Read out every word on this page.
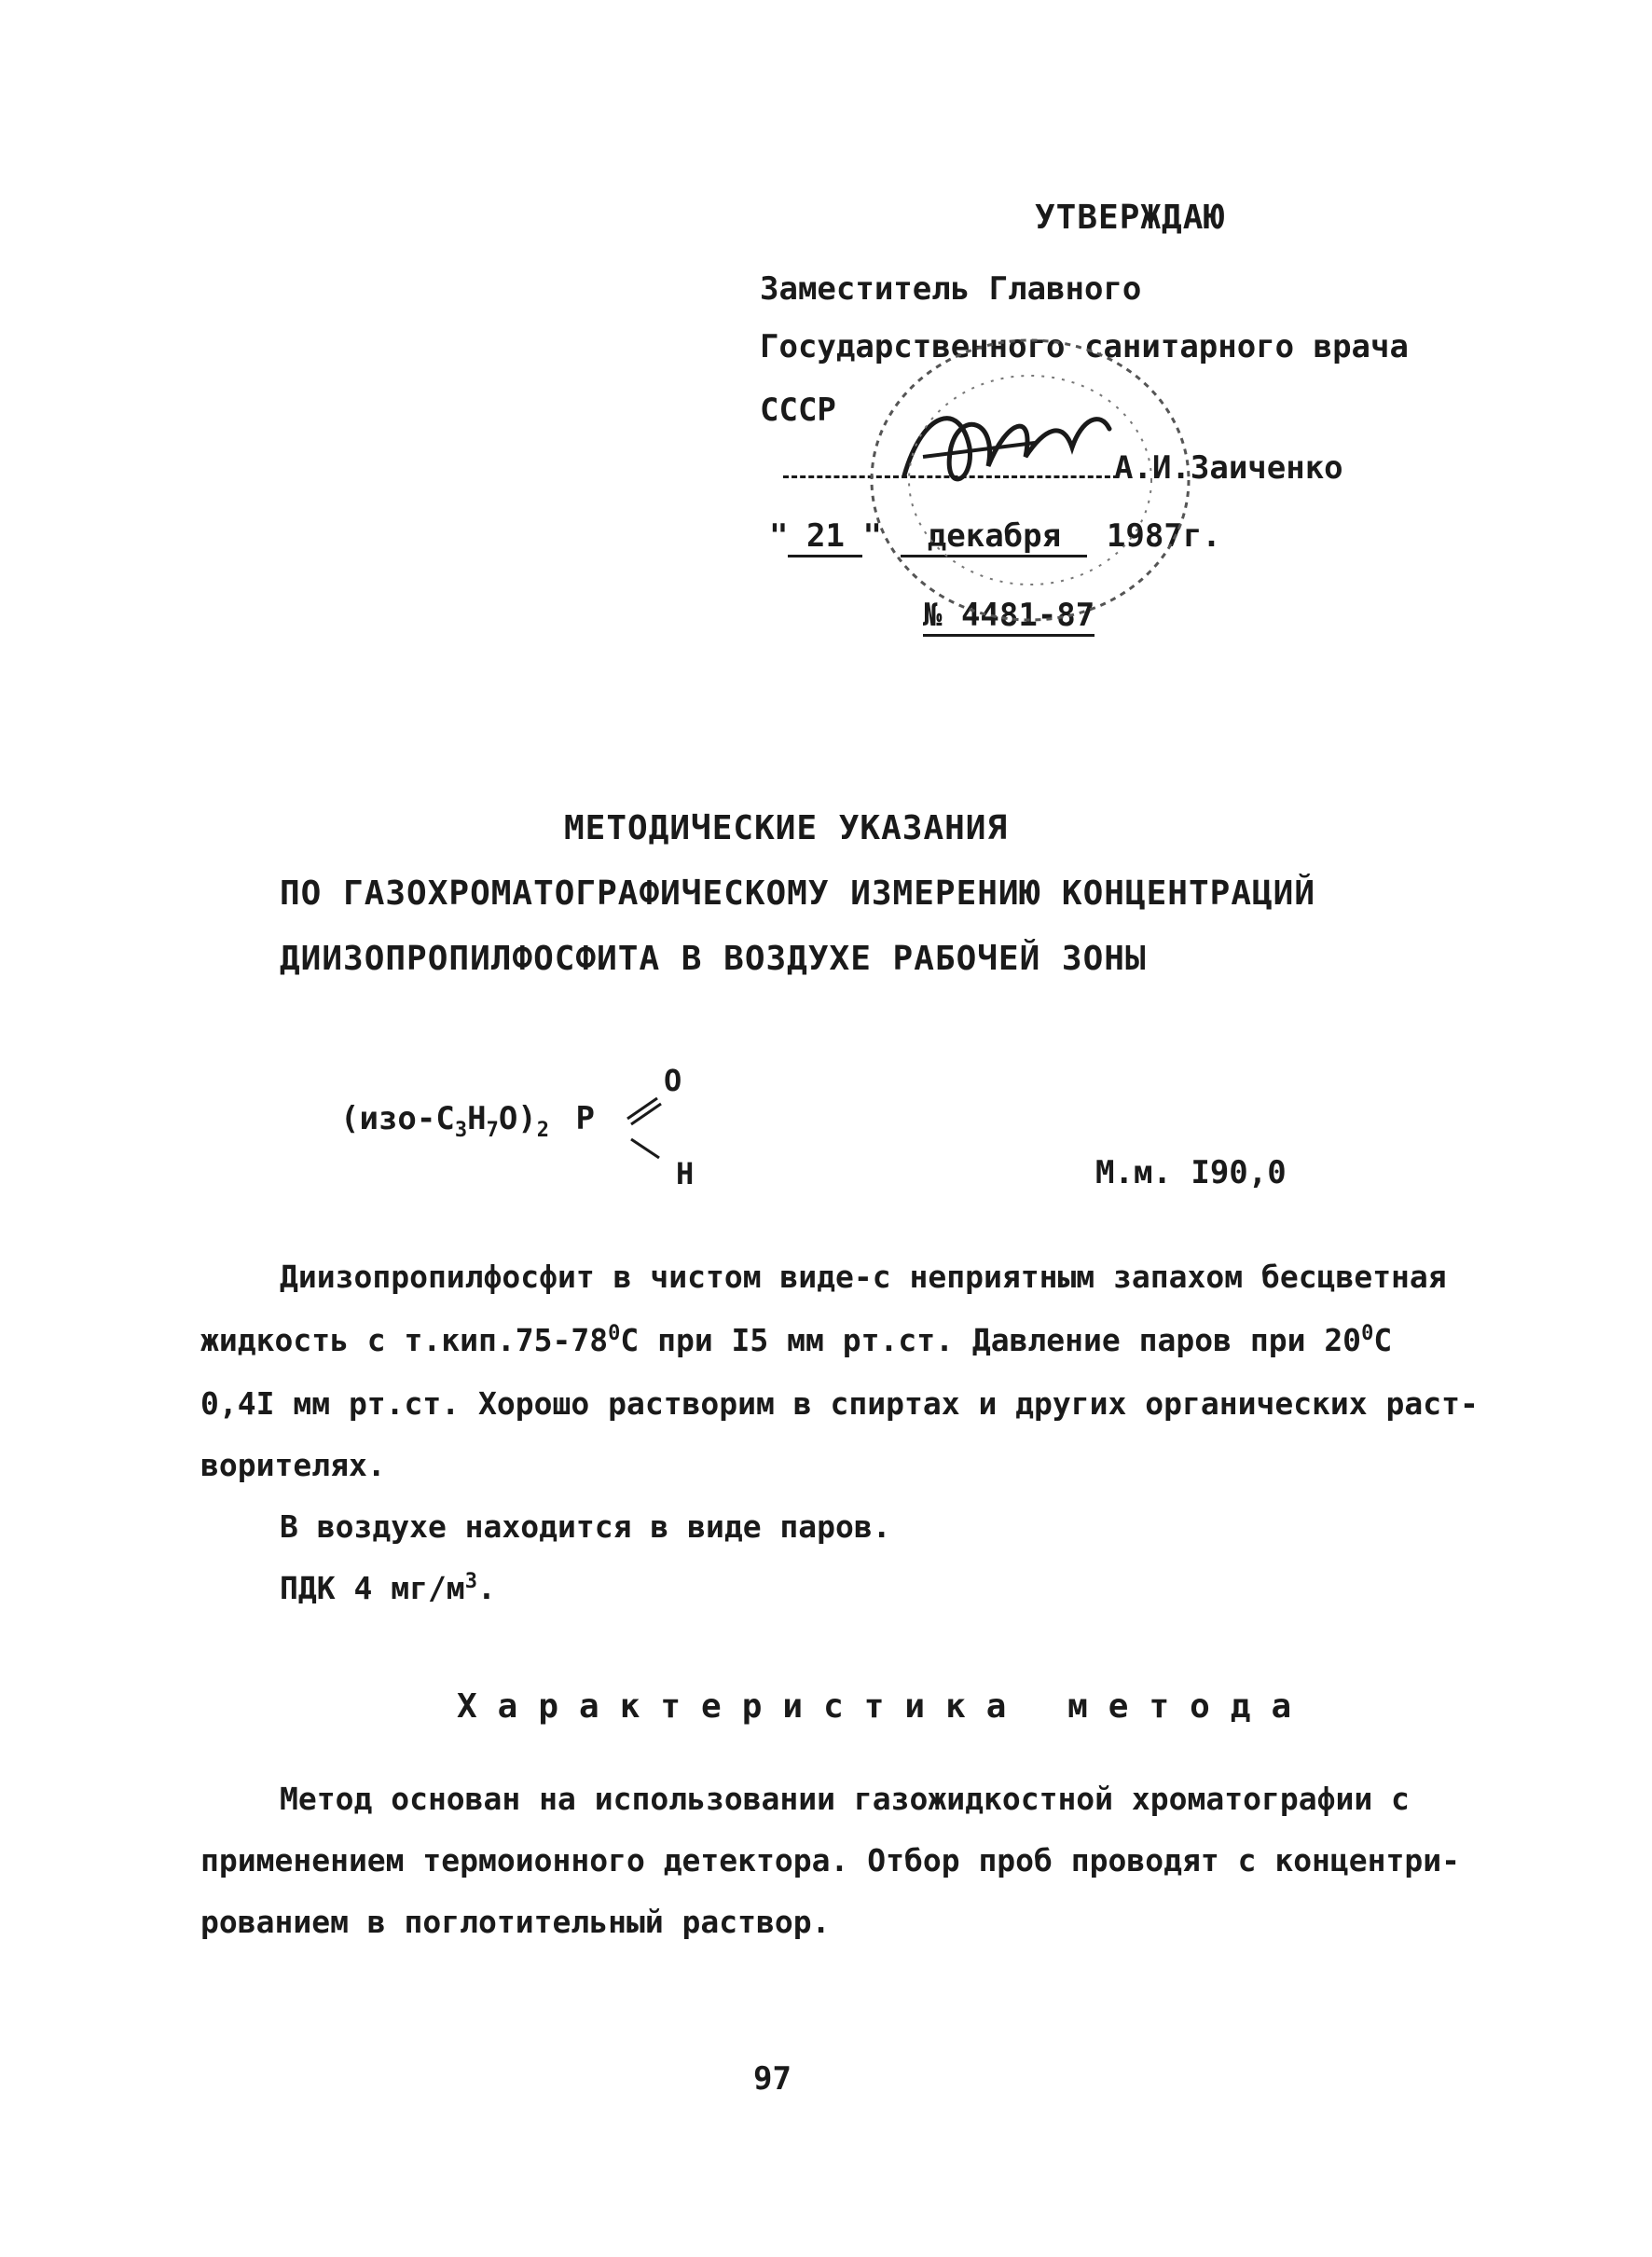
УТВЕРЖДАЮ
Заместитель Главного
Государственного санитарного врача
СССР
А.И.Заиченко
" 21 " декабря 1987г.
№ 4481-87
МЕТОДИЧЕСКИЕ УКАЗАНИЯ
ПО ГАЗОХРОМАТОГРАФИЧЕСКОМУ ИЗМЕРЕНИЮ КОНЦЕНТРАЦИЙ
ДИИЗОПРОПИЛФОСФИТА В ВОЗДУХЕ РАБОЧЕЙ ЗОНЫ
$(изо-C_3H_7O)_2$ P
O
H	М.м. I90,0
Диизопропилфосфит в чистом виде-с неприятным запахом бесцветная
жидкость с $т.кип.75-78^0С$ при I5 мм рт.ст. Давление паров при $20^0С$
0,4I мм рт.ст. Хорошо растворим в спиртах и других органических раст-
ворителях.
В воздухе находится в виде паров.
ПДК 4 $мг/м^3$.
Характеристика метода
Метод основан на использовании газожидкостной хроматографии с
применением термоионного детектора. Отбор проб проводят с концентри-
рованием в поглотительный раствор.
97
